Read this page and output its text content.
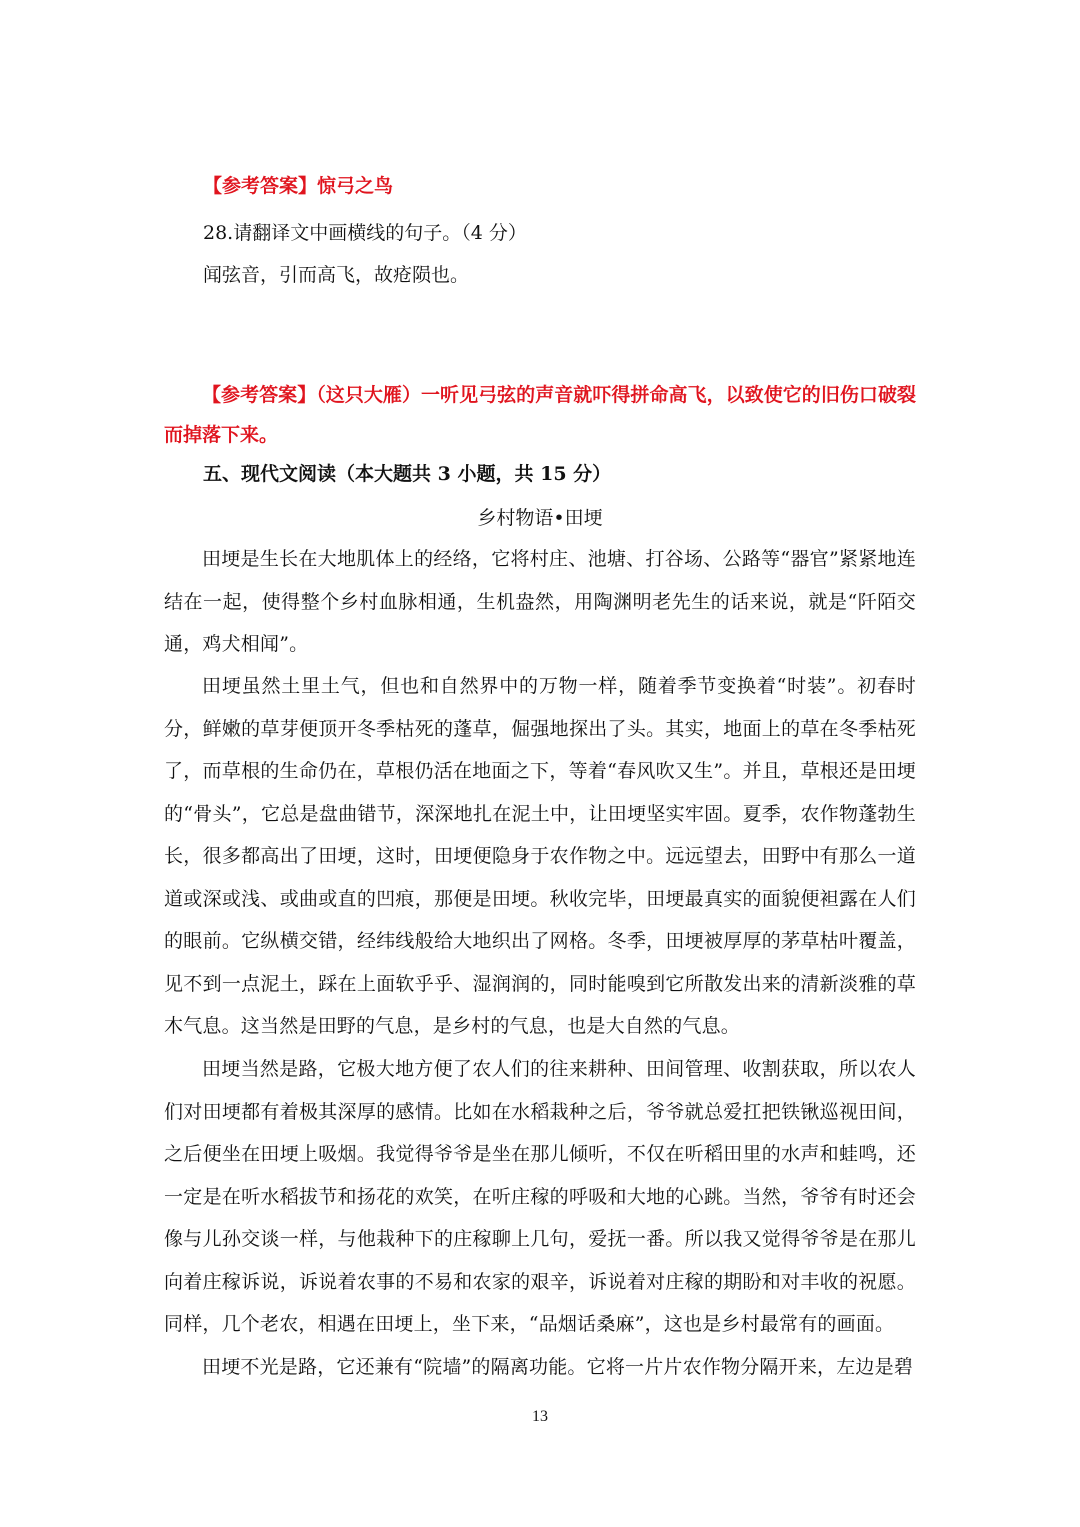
【参考答案】惊弓之鸟
28.请翻译文中画横线的句子。（4 分）
闻弦音，引而高飞，故疮陨也。
【参考答案】（这只大雁）一听见弓弦的声音就吓得拼命高飞，以致使它的旧伤口破裂而掉落下来。
五、现代文阅读（本大题共 3 小题，共 15 分）
乡村物语•田埂
田埂是生长在大地肌体上的经络，它将村庄、池塘、打谷场、公路等“器官”紧紧地连结在一起，使得整个乡村血脉相通，生机盎然，用陶渊明老先生的话来说，就是“阡陌交通，鸡犬相闻”。
田埂虽然土里土气，但也和自然界中的万物一样，随着季节变换着“时装”。初春时分，鲜嫩的草芽便顶开冬季枯死的蓬草，倔强地探出了头。其实，地面上的草在冬季枯死了，而草根的生命仍在，草根仍活在地面之下，等着“春风吹又生”。并且，草根还是田埂的“骨头”，它总是盘曲错节，深深地扎在泥土中，让田埂坚实牢固。夏季，农作物蓬勃生长，很多都高出了田埂，这时，田埂便隐身于农作物之中。远远望去，田野中有那么一道道或深或浅、或曲或直的凹痕，那便是田埂。秋收完毕，田埂最真实的面貌便袒露在人们的眼前。它纵横交错，经纬线般给大地织出了网格。冬季，田埂被厚厚的茅草枯叶覆盖，见不到一点泥土，踩在上面软乎乎、湿润润的，同时能嗅到它所散发出来的清新淡雅的草木气息。这当然是田野的气息，是乡村的气息，也是大自然的气息。
田埂当然是路，它极大地方便了农人们的往来耕种、田间管理、收割获取，所以农人们对田埂都有着极其深厚的感情。比如在水稻栽种之后，爷爷就总爱扛把铁锹巡视田间，之后便坐在田埂上吸烟。我觉得爷爷是坐在那儿倾听，不仅在听稻田里的水声和蛙鸣，还一定是在听水稻拔节和扬花的欢笑，在听庄稼的呼吸和大地的心跳。当然，爷爷有时还会像与儿孙交谈一样，与他栽种下的庄稼聊上几句，爱抚一番。所以我又觉得爷爷是在那儿向着庄稼诉说，诉说着农事的不易和农家的艰辛，诉说着对庄稼的期盼和对丰收的祝愿。同样，几个老农，相遇在田埂上，坐下来，“品烟话桑麻”，这也是乡村最常有的画面。
田埂不光是路，它还兼有“院墙”的隔离功能。它将一片片农作物分隔开来，左边是碧
13
